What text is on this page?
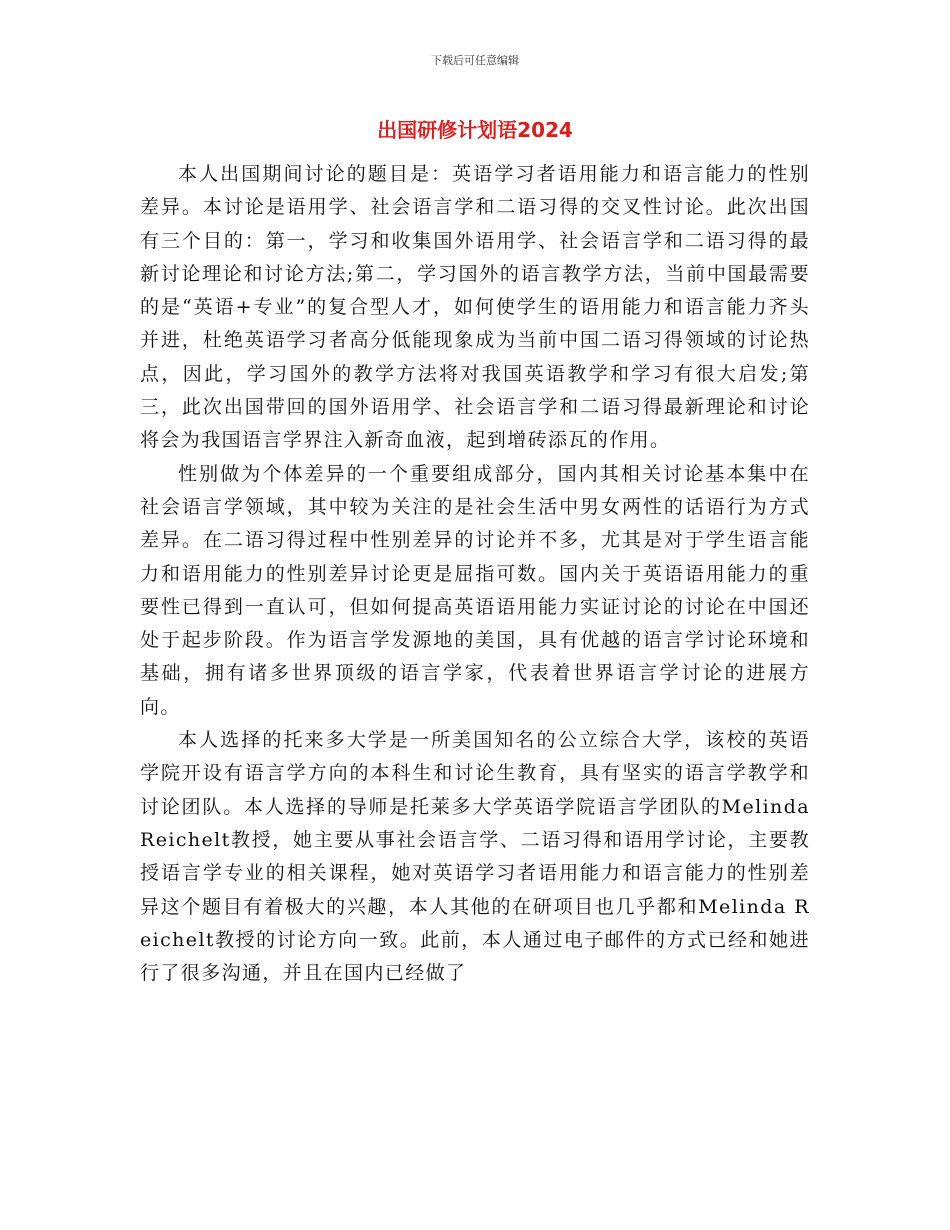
下载后可任意编辑
出国研修计划语2024

本人出国期间讨论的题目是：英语学习者语用能力和语言能力的性别差异。本讨论是语用学、社会语言学和二语习得的交叉性讨论。此次出国有三个目的：第一，学习和收集国外语用学、社会语言学和二语习得的最新讨论理论和讨论方法;第二，学习国外的语言教学方法，当前中国最需要的是“英语+专业”的复合型人才，如何使学生的语用能力和语言能力齐头并进，杜绝英语学习者高分低能现象成为当前中国二语习得领域的讨论热点，因此，学习国外的教学方法将对我国英语教学和学习有很大启发;第三，此次出国带回的国外语用学、社会语言学和二语习得最新理论和讨论将会为我国语言学界注入新奇血液，起到增砖添瓦的作用。

性别做为个体差异的一个重要组成部分，国内其相关讨论基本集中在社会语言学领域，其中较为关注的是社会生活中男女两性的话语行为方式差异。在二语习得过程中性别差异的讨论并不多，尤其是对于学生语言能力和语用能力的性别差异讨论更是屈指可数。国内关于英语语用能力的重要性已得到一直认可，但如何提高英语语用能力实证讨论的讨论在中国还处于起步阶段。作为语言学发源地的美国，具有优越的语言学讨论环境和基础，拥有诸多世界顶级的语言学家，代表着世界语言学讨论的进展方向。

本人选择的托来多大学是一所美国知名的公立综合大学，该校的英语学院开设有语言学方向的本科生和讨论生教育，具有坚实的语言学教学和讨论团队。本人选择的导师是托莱多大学英语学院语言学团队的Melinda Reichelt教授，她主要从事社会语言学、二语习得和语用学讨论，主要教授语言学专业的相关课程，她对英语学习者语用能力和语言能力的性别差异这个题目有着极大的兴趣，本人其他的在研项目也几乎都和Melinda Reichelt教授的讨论方向一致。此前，本人通过电子邮件的方式已经和她进行了很多沟通，并且在国内已经做了
